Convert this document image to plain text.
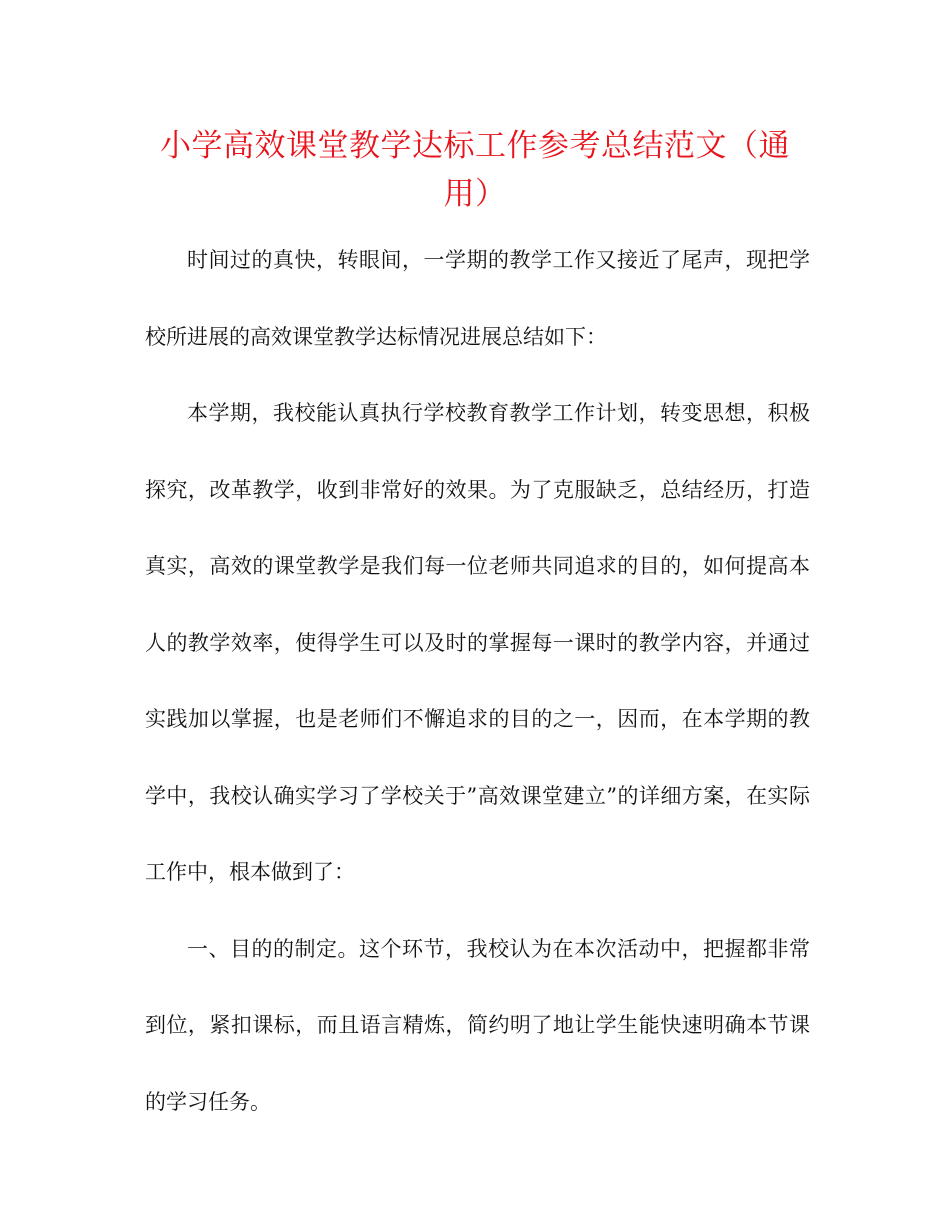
小学高效课堂教学达标工作参考总结范文（通用）

时间过的真快，转眼间，一学期的教学工作又接近了尾声，现把学校所进展的高效课堂教学达标情况进展总结如下：

本学期，我校能认真执行学校教育教学工作计划，转变思想，积极探究，改革教学，收到非常好的效果。为了克服缺乏，总结经历，打造真实，高效的课堂教学是我们每一位老师共同追求的目的，如何提高本人的教学效率，使得学生可以及时的掌握每一课时的教学内容，并通过实践加以掌握，也是老师们不懈追求的目的之一，因而，在本学期的教学中，我校认确实学习了学校关于”高效课堂建立”的详细方案，在实际工作中，根本做到了：

一、目的的制定。这个环节，我校认为在本次活动中，把握都非常到位，紧扣课标，而且语言精炼，简约明了地让学生能快速明确本节课的学习任务。
